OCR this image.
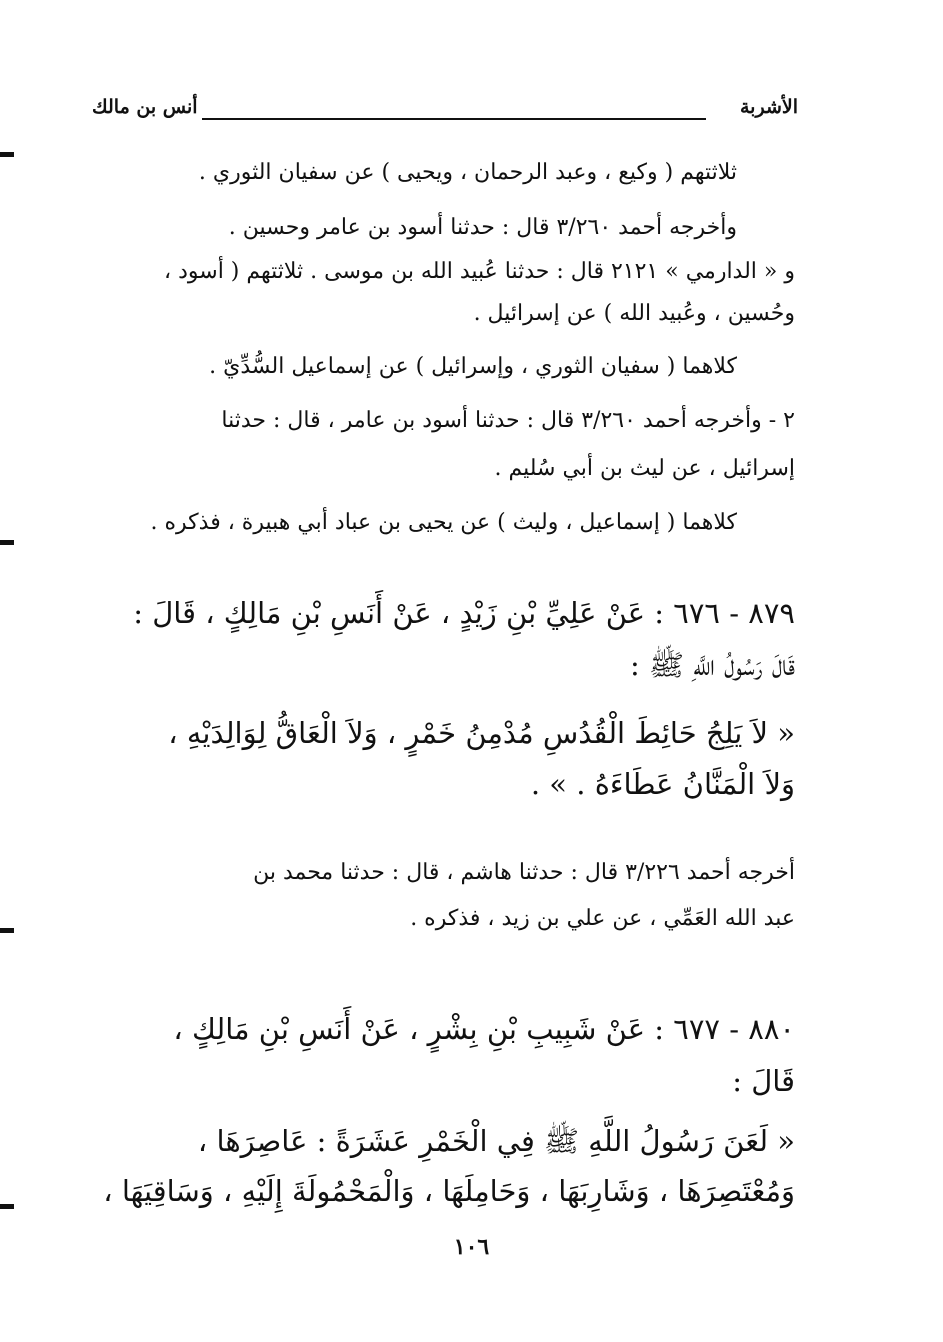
الأشربة
أنس بن مالك
ثلاثتهم ( وكيع ، وعبد الرحمان ، ويحيى ) عن سفيان الثوري .
وأخرجه أحمد ٣/٢٦٠ قال : حدثنا أسود بن عامر وحسين .
و « الدارمي » ٢١٢١ قال : حدثنا عُبيد الله بن موسى . ثلاثتهم ( أسود ،
وحُسين ، وعُبيد الله ) عن إسرائيل .
كلاهما ( سفيان الثوري ، وإسرائيل ) عن إسماعيل السُّدِّيّ .
٢ - وأخرجه أحمد ٣/٢٦٠ قال : حدثنا أسود بن عامر ، قال : حدثنا
إسرائيل ، عن ليث بن أبي سُليم .
كلاهما ( إسماعيل ، وليث ) عن يحيى بن عباد أبي هبيرة ، فذكره .
٨٧٩ - ٦٧٦ : عَنْ عَلِيِّ بْنِ زَيْدٍ ، عَنْ أَنَسِ بْنِ مَالِكٍ ، قَالَ :
قَالَ رَسُولُ اللَّهِ ﷺ :
« لاَ يَلِجُ حَائِطَ الْقُدُسِ مُدْمِنُ خَمْرٍ ، وَلاَ الْعَاقُّ لِوَالِدَيْهِ ،
وَلاَ الْمَنَّانُ عَطَاءَهُ . » .
أخرجه أحمد ٣/٢٢٦ قال : حدثنا هاشم ، قال : حدثنا محمد بن
عبد الله العَمِّي ، عن علي بن زيد ، فذكره .
٨٨٠ - ٦٧٧ : عَنْ شَبِيبِ بْنِ بِشْرٍ ، عَنْ أَنَسِ بْنِ مَالِكٍ ،
قَالَ :
« لَعَنَ رَسُولُ اللَّهِ ﷺ فِي الْخَمْرِ عَشَرَةً : عَاصِرَهَا ،
وَمُعْتَصِرَهَا ، وَشَارِبَهَا ، وَحَامِلَهَا ، وَالْمَحْمُولَةَ إِلَيْهِ ، وَسَاقِيَهَا ،
١٠٦
